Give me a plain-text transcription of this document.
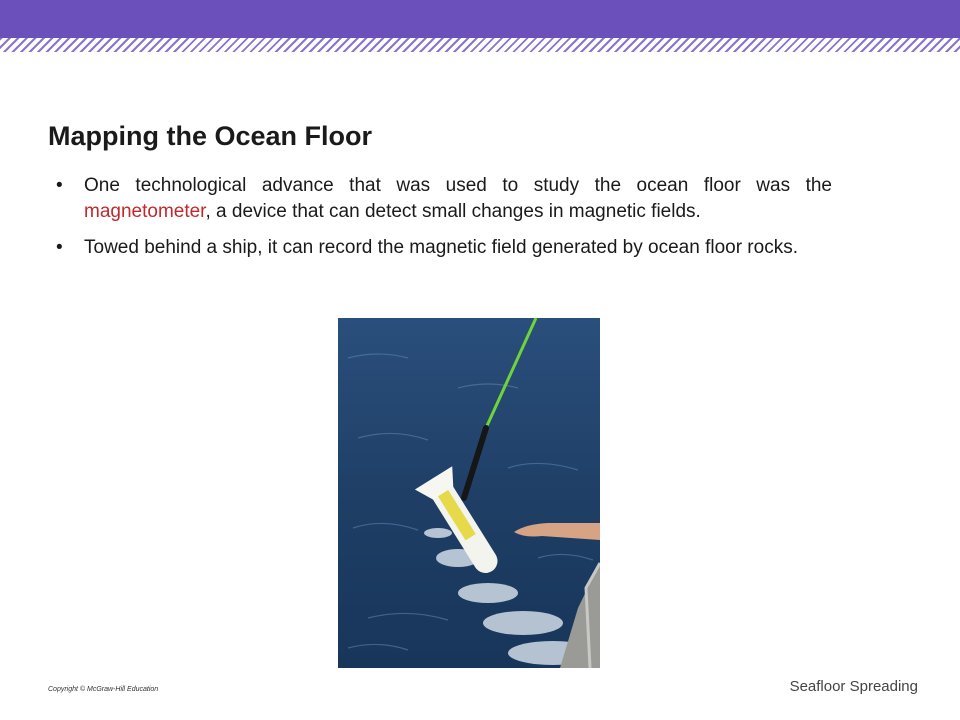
Mapping the Ocean Floor
• One technological advance that was used to study the ocean floor was the magnetometer, a device that can detect small changes in magnetic fields.
• Towed behind a ship, it can record the magnetic field generated by ocean floor rocks.
Copyright © McGraw-Hill Education	Seafloor Spreading
